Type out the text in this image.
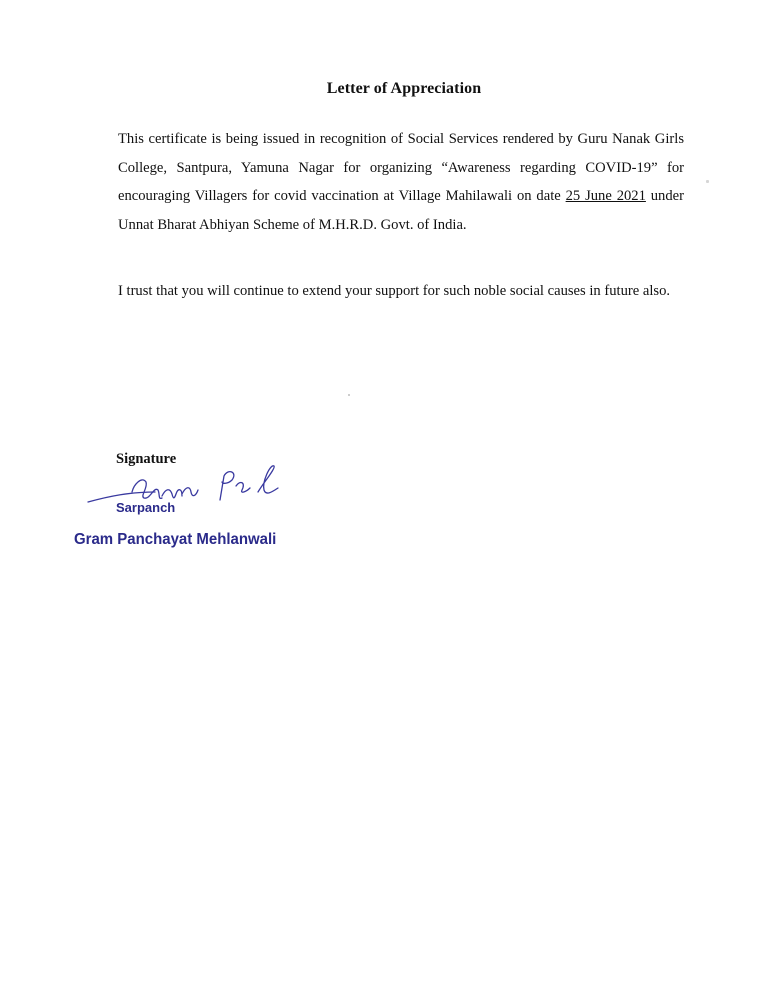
Letter of Appreciation
This certificate is being issued in recognition of Social Services rendered by Guru Nanak Girls
College, Santpura, Yamuna Nagar for organizing “Awareness regarding COVID-19” for
encouraging Villagers for covid vaccination at Village Mahilawali on date 25 June 2021 under
Unnat Bharat Abhiyan Scheme of M.H.R.D. Govt. of India.
I trust that you will continue to extend your support for such noble social causes in future also.
Signature
Sarpanch
Gram Panchayat Mehlanwali
